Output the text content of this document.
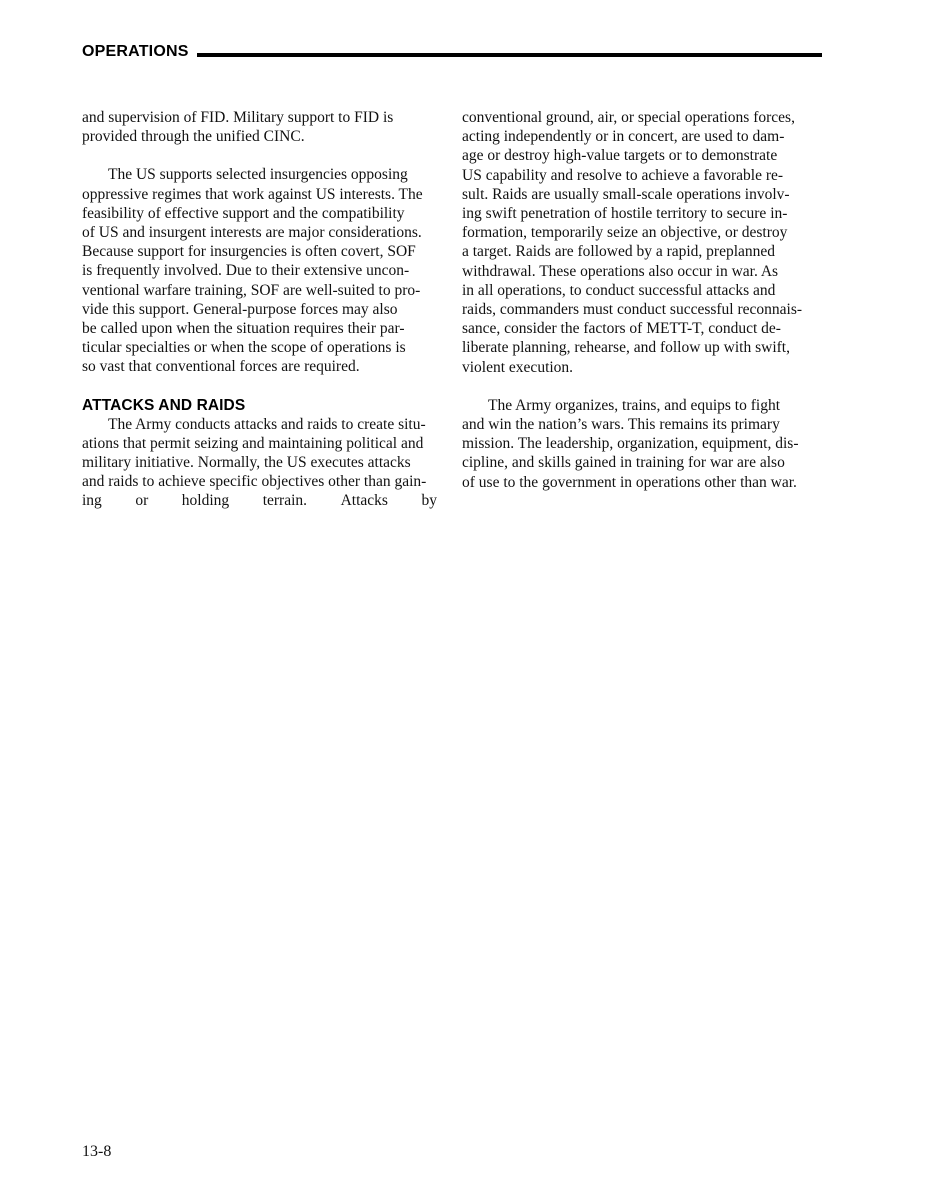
OPERATIONS

and supervision of FID. Military support to FID is
provided through the unified CINC.

The US supports selected insurgencies opposing
oppressive regimes that work against US interests. The
feasibility of effective support and the compatibility
of US and insurgent interests are major considerations.
Because support for insurgencies is often covert, SOF
is frequently involved. Due to their extensive uncon-
ventional warfare training, SOF are well-suited to pro-
vide this support. General-purpose forces may also
be called upon when the situation requires their par-
ticular specialties or when the scope of operations is
so vast that conventional forces are required.

ATTACKS AND RAIDS

The Army conducts attacks and raids to create situ-
ations that permit seizing and maintaining political and
military initiative. Normally, the US executes attacks
and raids to achieve specific objectives other than gain-

ing or holding terrain. Attacks by

conventional ground, air, or special operations forces,
acting independently or in concert, are used to dam-
age or destroy high-value targets or to demonstrate
US capability and resolve to achieve a favorable re-
sult. Raids are usually small-scale operations involv-
ing swift penetration of hostile territory to secure in-
formation, temporarily seize an objective, or destroy
a target. Raids are followed by a rapid, preplanned
withdrawal. These operations also occur in war. As
in all operations, to conduct successful attacks and
raids, commanders must conduct successful reconnais-
sance, consider the factors of METT-T, conduct de-
liberate planning, rehearse, and follow up with swift,
violent execution.

The Army organizes, trains, and equips to fight
and win the nation’s wars. This remains its primary
mission. The leadership, organization, equipment, dis-
cipline, and skills gained in training for war are also
of use to the government in operations other than war.

13-8
